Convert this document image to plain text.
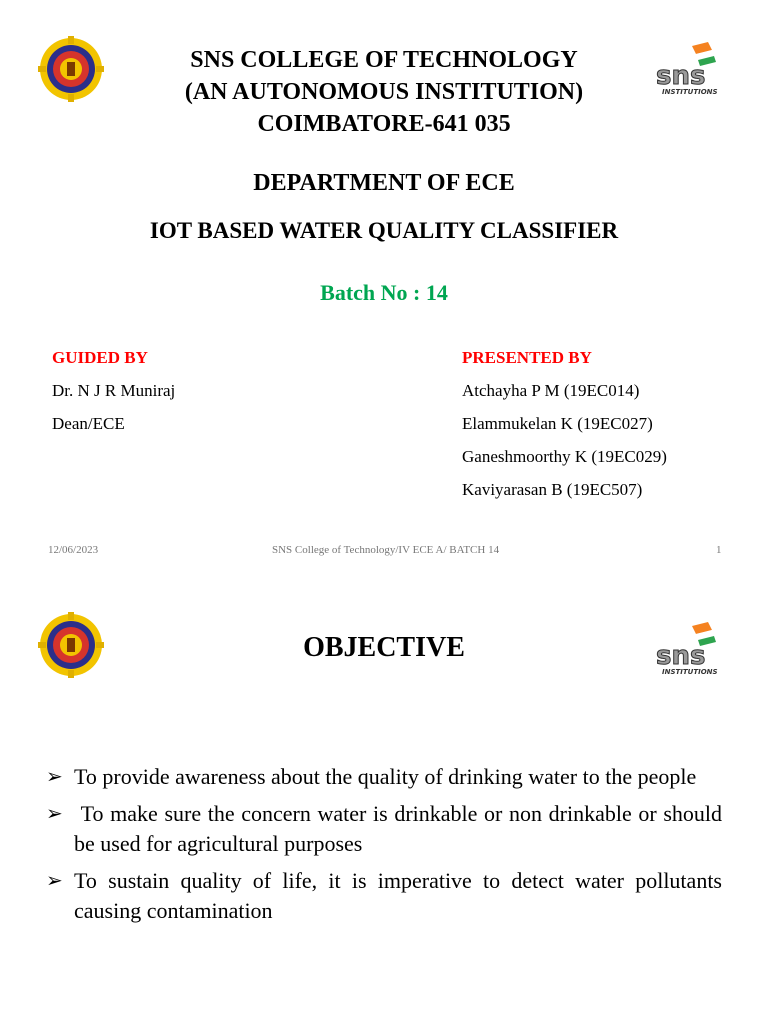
sns
INSTITUTIONS
SNS COLLEGE OF TECHNOLOGY
(AN AUTONOMOUS INSTITUTION)
COIMBATORE-641 035
DEPARTMENT OF ECE
IOT BASED WATER QUALITY CLASSIFIER
Batch No : 14
GUIDED BY
Dr. N J R Muniraj
Dean/ECE
PRESENTED BY
Atchayha P M (19EC014)
Elammukelan K (19EC027)
Ganeshmoorthy K (19EC029)
Kaviyarasan B (19EC507)
12/06/2023	SNS College of Technology/IV ECE A/ BATCH 14	1
sns
INSTITUTIONS
OBJECTIVE
➢ To provide awareness about the quality of drinking water to the people
➢ To make sure the concern water is drinkable or non drinkable or should be used for agricultural purposes
➢ To sustain quality of life, it is imperative to detect water pollutants causing contamination
